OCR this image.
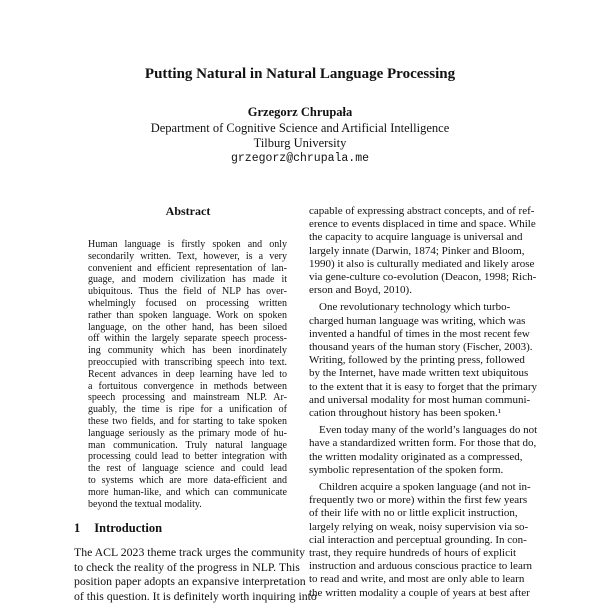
Putting Natural in Natural Language Processing
Grzegorz Chrupała
Department of Cognitive Science and Artificial Intelligence
Tilburg University
grzegorz@chrupala.me
Abstract
Human language is firstly spoken and only
secondarily written. Text, however, is a very
convenient and efficient representation of lan-
guage, and modern civilization has made it
ubiquitous. Thus the field of NLP has over-
whelmingly focused on processing written
rather than spoken language. Work on spoken
language, on the other hand, has been siloed
off within the largely separate speech process-
ing community which has been inordinately
preoccupied with transcribing speech into text.
Recent advances in deep learning have led to
a fortuitous convergence in methods between
speech processing and mainstream NLP. Ar-
guably, the time is ripe for a unification of
these two fields, and for starting to take spoken
language seriously as the primary mode of hu-
man communication. Truly natural language
processing could lead to better integration with
the rest of language science and could lead
to systems which are more data-efficient and
more human-like, and which can communicate
beyond the textual modality.
1 Introduction
The ACL 2023 theme track urges the community
to check the reality of the progress in NLP. This
position paper adopts an expansive interpretation
of this question. It is definitely worth inquiring into
capable of expressing abstract concepts, and of ref-
erence to events displaced in time and space. While
the capacity to acquire language is universal and
largely innate (Darwin, 1874; Pinker and Bloom,
1990) it also is culturally mediated and likely arose
via gene-culture co-evolution (Deacon, 1998; Rich-
erson and Boyd, 2010).
One revolutionary technology which turbo-
charged human language was writing, which was
invented a handful of times in the most recent few
thousand years of the human story (Fischer, 2003).
Writing, followed by the printing press, followed
by the Internet, have made written text ubiquitous
to the extent that it is easy to forget that the primary
and universal modality for most human communi-
cation throughout history has been spoken.¹
Even today many of the world’s languages do not
have a standardized written form. For those that do,
the written modality originated as a compressed,
symbolic representation of the spoken form.
Children acquire a spoken language (and not in-
frequently two or more) within the first few years
of their life with no or little explicit instruction,
largely relying on weak, noisy supervision via so-
cial interaction and perceptual grounding. In con-
trast, they require hundreds of hours of explicit
instruction and arduous conscious practice to learn
to read and write, and most are only able to learn
the written modality a couple of years at best after
